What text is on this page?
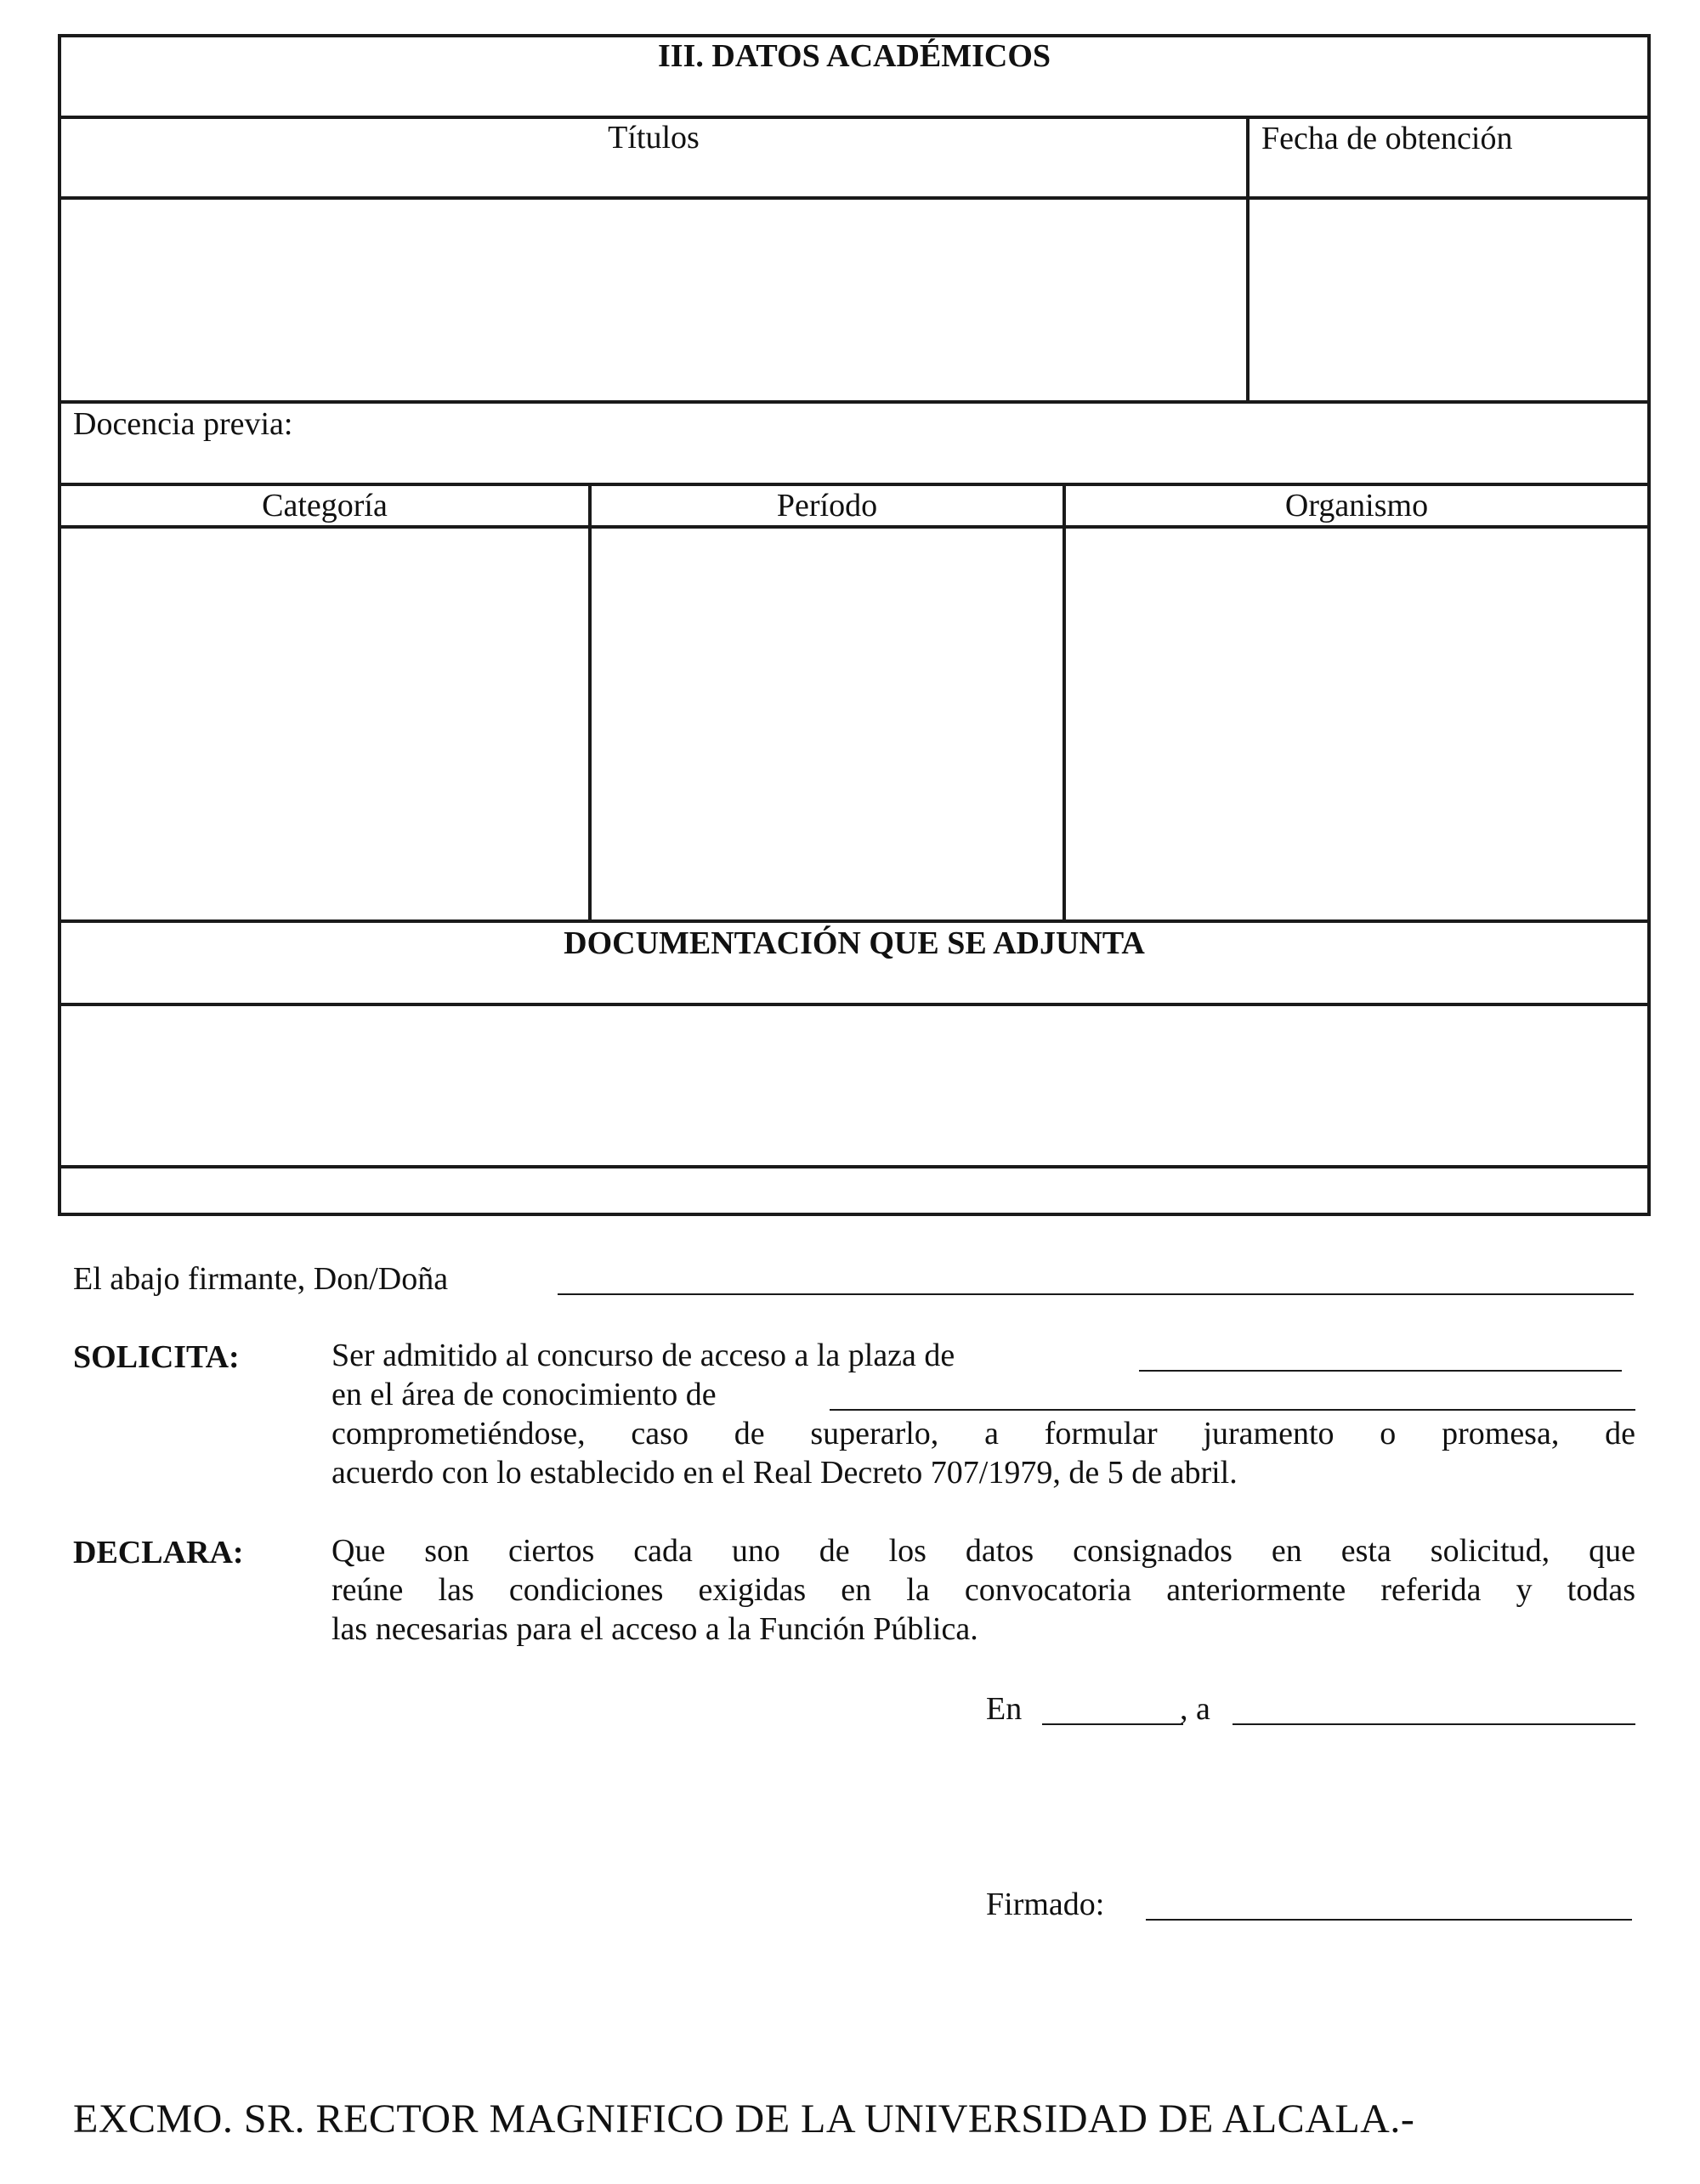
III. DATOS ACADÉMICOS
Títulos	Fecha de obtención
Docencia previa:
Categoría	Período	Organismo
DOCUMENTACIÓN QUE SE ADJUNTA
El abajo firmante, Don/Doña
SOLICITA:	Ser admitido al concurso de acceso a la plaza de
en el área de conocimiento de
comprometiéndose, caso de superarlo, a formular juramento o promesa, de
acuerdo con lo establecido en el Real Decreto 707/1979, de 5 de abril.
DECLARA:	Que son ciertos cada uno de los datos consignados en esta solicitud, que
reúne las condiciones exigidas en la convocatoria anteriormente referida y todas
las necesarias para el acceso a la Función Pública.
En	, a
Firmado:
EXCMO. SR. RECTOR MAGNIFICO DE LA UNIVERSIDAD DE ALCALA.-
